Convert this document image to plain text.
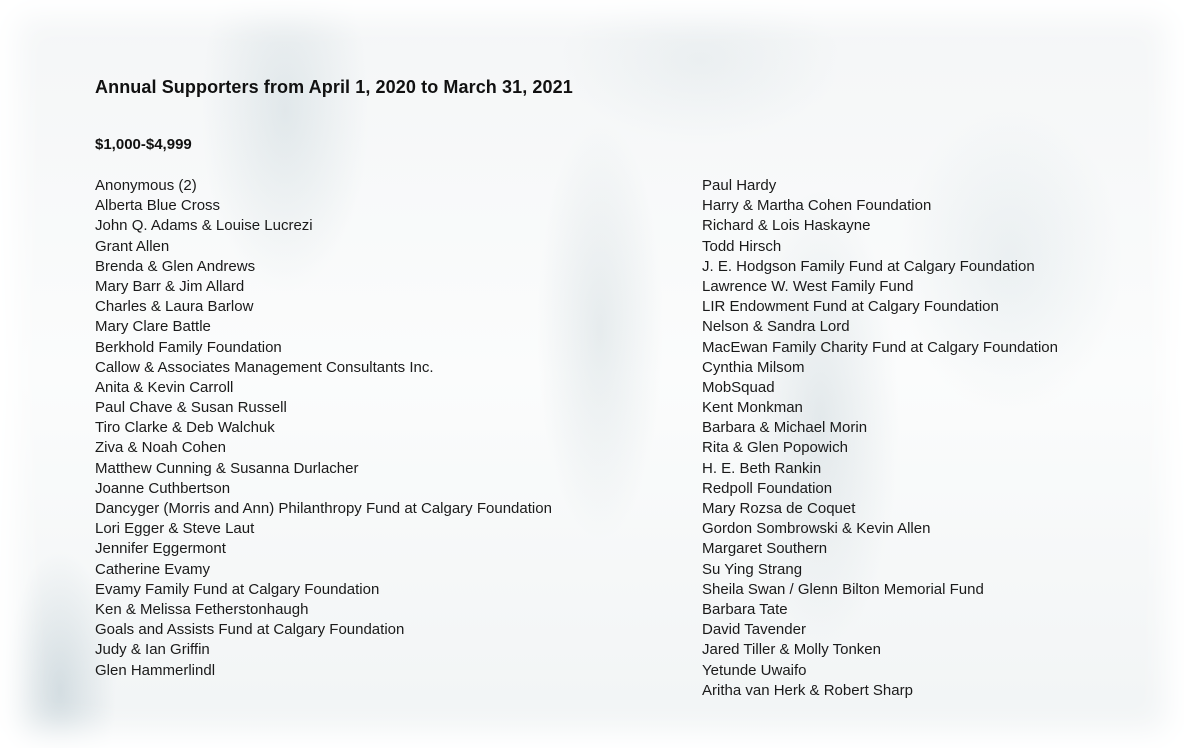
Annual Supporters from April 1, 2020 to March 31, 2021
$1,000-$4,999
Anonymous (2)
Alberta Blue Cross
John Q. Adams & Louise Lucrezi
Grant Allen
Brenda & Glen Andrews
Mary Barr & Jim Allard
Charles & Laura Barlow
Mary Clare Battle
Berkhold Family Foundation
Callow & Associates Management Consultants Inc.
Anita & Kevin Carroll
Paul Chave & Susan Russell
Tiro Clarke & Deb Walchuk
Ziva & Noah Cohen
Matthew Cunning & Susanna Durlacher
Joanne Cuthbertson
Dancyger (Morris and Ann) Philanthropy Fund at Calgary Foundation
Lori Egger & Steve Laut
Jennifer Eggermont
Catherine Evamy
Evamy Family Fund at Calgary Foundation
Ken & Melissa Fetherstonhaugh
Goals and Assists Fund at Calgary Foundation
Judy & Ian Griffin
Glen Hammerlindl
Paul Hardy
Harry & Martha Cohen Foundation
Richard & Lois Haskayne
Todd Hirsch
J. E. Hodgson Family Fund at Calgary Foundation
Lawrence W. West Family Fund
LIR Endowment Fund at Calgary Foundation
Nelson & Sandra Lord
MacEwan Family Charity Fund at Calgary Foundation
Cynthia Milsom
MobSquad
Kent Monkman
Barbara & Michael Morin
Rita & Glen Popowich
H. E. Beth Rankin
Redpoll Foundation
Mary Rozsa de Coquet
Gordon Sombrowski & Kevin Allen
Margaret Southern
Su Ying Strang
Sheila Swan / Glenn Bilton Memorial Fund
Barbara Tate
David Tavender
Jared Tiller & Molly Tonken
Yetunde Uwaifo
Aritha van Herk & Robert Sharp
